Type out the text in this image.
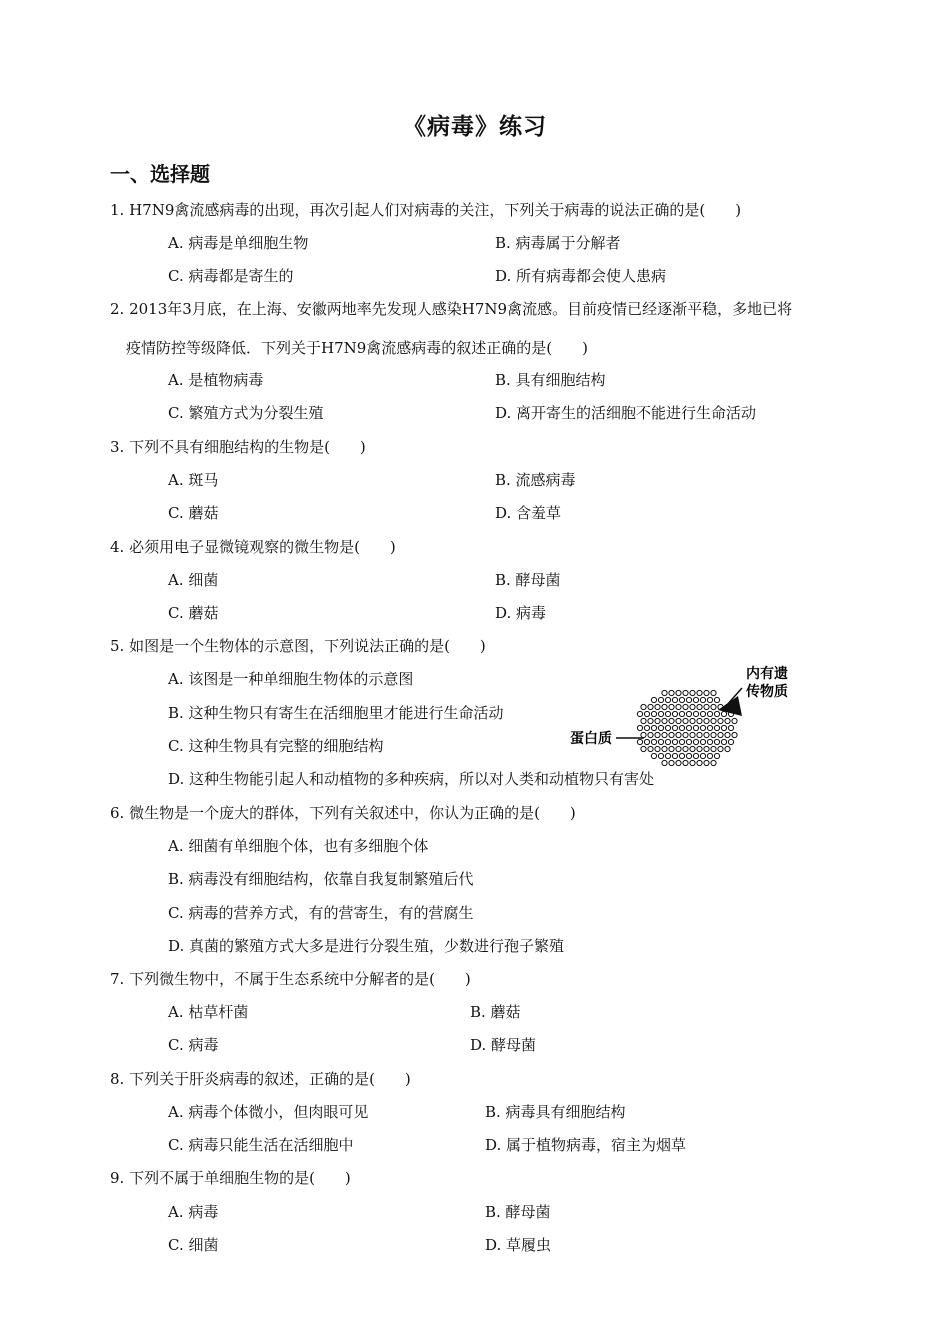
《病毒》练习
一、选择题
1. H7N9禽流感病毒的出现，再次引起人们对病毒的关注，下列关于病毒的说法正确的是(　　)
A. 病毒是单细胞生物	B. 病毒属于分解者
C. 病毒都是寄生的	D. 所有病毒都会使人患病
2. 2013年3月底，在上海、安徽两地率先发现人感染H7N9禽流感。目前疫情已经逐渐平稳，多地已将
疫情防控等级降低．下列关于H7N9禽流感病毒的叙述正确的是(　　)
A. 是植物病毒	B. 具有细胞结构
C. 繁殖方式为分裂生殖	D. 离开寄生的活细胞不能进行生命活动
3. 下列不具有细胞结构的生物是(　　)
A. 斑马	B. 流感病毒
C. 蘑菇	D. 含羞草
4. 必须用电子显微镜观察的微生物是(　　)
A. 细菌	B. 酵母菌
C. 蘑菇	D. 病毒
5. 如图是一个生物体的示意图，下列说法正确的是(　　)
A. 该图是一种单细胞生物体的示意图
B. 这种生物只有寄生在活细胞里才能进行生命活动
C. 这种生物具有完整的细胞结构
D. 这种生物能引起人和动植物的多种疾病，所以对人类和动植物只有害处
6. 微生物是一个庞大的群体，下列有关叙述中，你认为正确的是(　　)
A. 细菌有单细胞个体，也有多细胞个体
B. 病毒没有细胞结构，依靠自我复制繁殖后代
C. 病毒的营养方式，有的营寄生，有的营腐生
D. 真菌的繁殖方式大多是进行分裂生殖，少数进行孢子繁殖
7. 下列微生物中，不属于生态系统中分解者的是(　　)
A. 枯草杆菌	B. 蘑菇
C. 病毒	D. 酵母菌
8. 下列关于肝炎病毒的叙述，正确的是(　　)
A. 病毒个体微小，但肉眼可见	B. 病毒具有细胞结构
C. 病毒只能生活在活细胞中	D. 属于植物病毒，宿主为烟草
9. 下列不属于单细胞生物的是(　　)
A. 病毒	B. 酵母菌
C. 细菌	D. 草履虫
内有遗
传物质
蛋白质
